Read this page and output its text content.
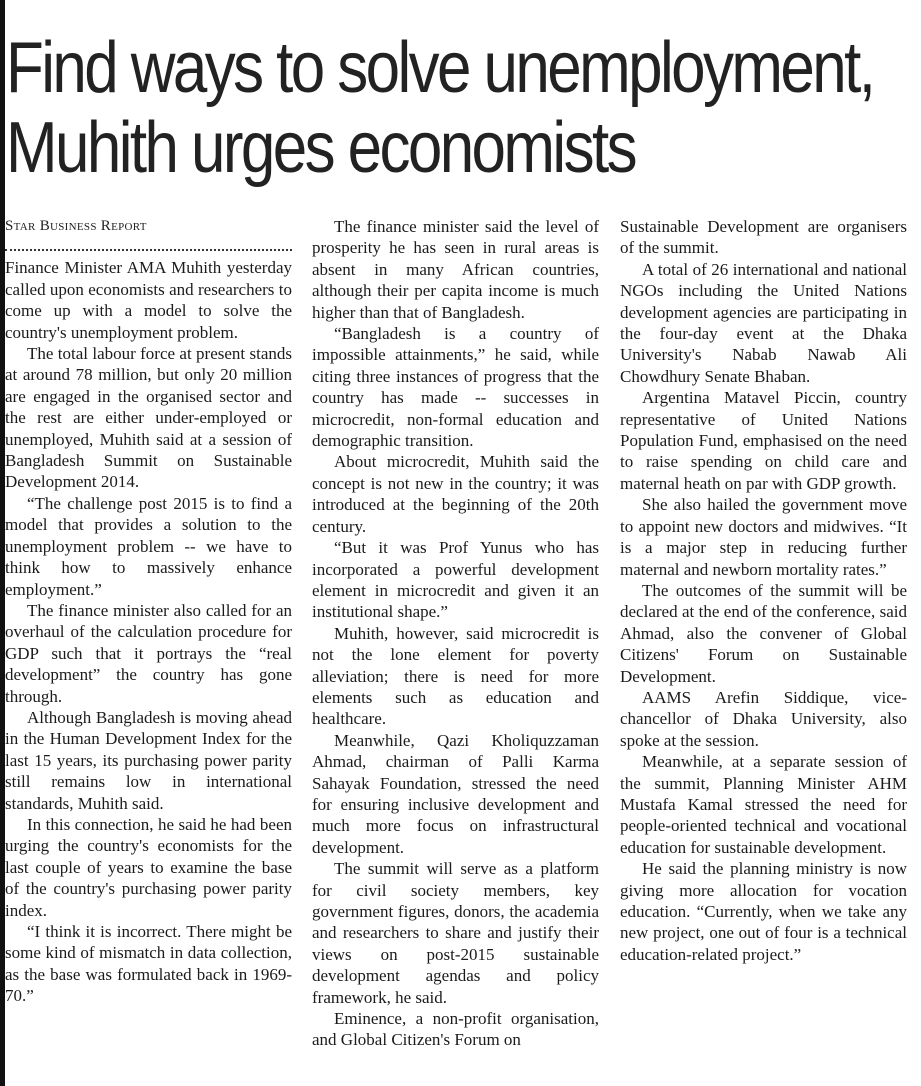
Find ways to solve unemployment,
Muhith urges economists
Star Business Report

Finance Minister AMA Muhith yesterday called upon economists and researchers to come up with a model to solve the country's unemployment problem.

The total labour force at present stands at around 78 million, but only 20 million are engaged in the organised sector and the rest are either under-employed or unemployed, Muhith said at a session of Bangladesh Summit on Sustainable Development 2014.

“The challenge post 2015 is to find a model that provides a solution to the unemployment problem -- we have to think how to massively enhance employment.”

The finance minister also called for an overhaul of the calculation procedure for GDP such that it portrays the “real development” the country has gone through.

Although Bangladesh is moving ahead in the Human Development Index for the last 15 years, its purchasing power parity still remains low in international standards, Muhith said.

In this connection, he said he had been urging the country's economists for the last couple of years to examine the base of the country's purchasing power parity index.

“I think it is incorrect. There might be some kind of mismatch in data collection, as the base was formulated back in 1969-70.”

The finance minister said the level of prosperity he has seen in rural areas is absent in many African countries, although their per capita income is much higher than that of Bangladesh.

“Bangladesh is a country of impossible attainments,” he said, while citing three instances of progress that the country has made -- successes in microcredit, non-formal education and demographic transition.

About microcredit, Muhith said the concept is not new in the country; it was introduced at the beginning of the 20th century.

“But it was Prof Yunus who has incorporated a powerful development element in microcredit and given it an institutional shape.”

Muhith, however, said microcredit is not the lone element for poverty alleviation; there is need for more elements such as education and healthcare.

Meanwhile, Qazi Kholiquzzaman Ahmad, chairman of Palli Karma Sahayak Foundation, stressed the need for ensuring inclusive development and much more focus on infrastructural development.

The summit will serve as a platform for civil society members, key government figures, donors, the academia and researchers to share and justify their views on post-2015 sustainable development agendas and policy framework, he said.

Eminence, a non-profit organisation, and Global Citizen's Forum on

Sustainable Development are organisers of the summit.

A total of 26 international and national NGOs including the United Nations development agencies are participating in the four-day event at the Dhaka University's Nabab Nawab Ali Chowdhury Senate Bhaban.

Argentina Matavel Piccin, country representative of United Nations Population Fund, emphasised on the need to raise spending on child care and maternal heath on par with GDP growth.

She also hailed the government move to appoint new doctors and midwives. “It is a major step in reducing further maternal and newborn mortality rates.”

The outcomes of the summit will be declared at the end of the conference, said Ahmad, also the convener of Global Citizens' Forum on Sustainable Development.

AAMS Arefin Siddique, vice-chancellor of Dhaka University, also spoke at the session.

Meanwhile, at a separate session of the summit, Planning Minister AHM Mustafa Kamal stressed the need for people-oriented technical and vocational education for sustainable development.

He said the planning ministry is now giving more allocation for vocation education. “Currently, when we take any new project, one out of four is a technical education-related project.”
